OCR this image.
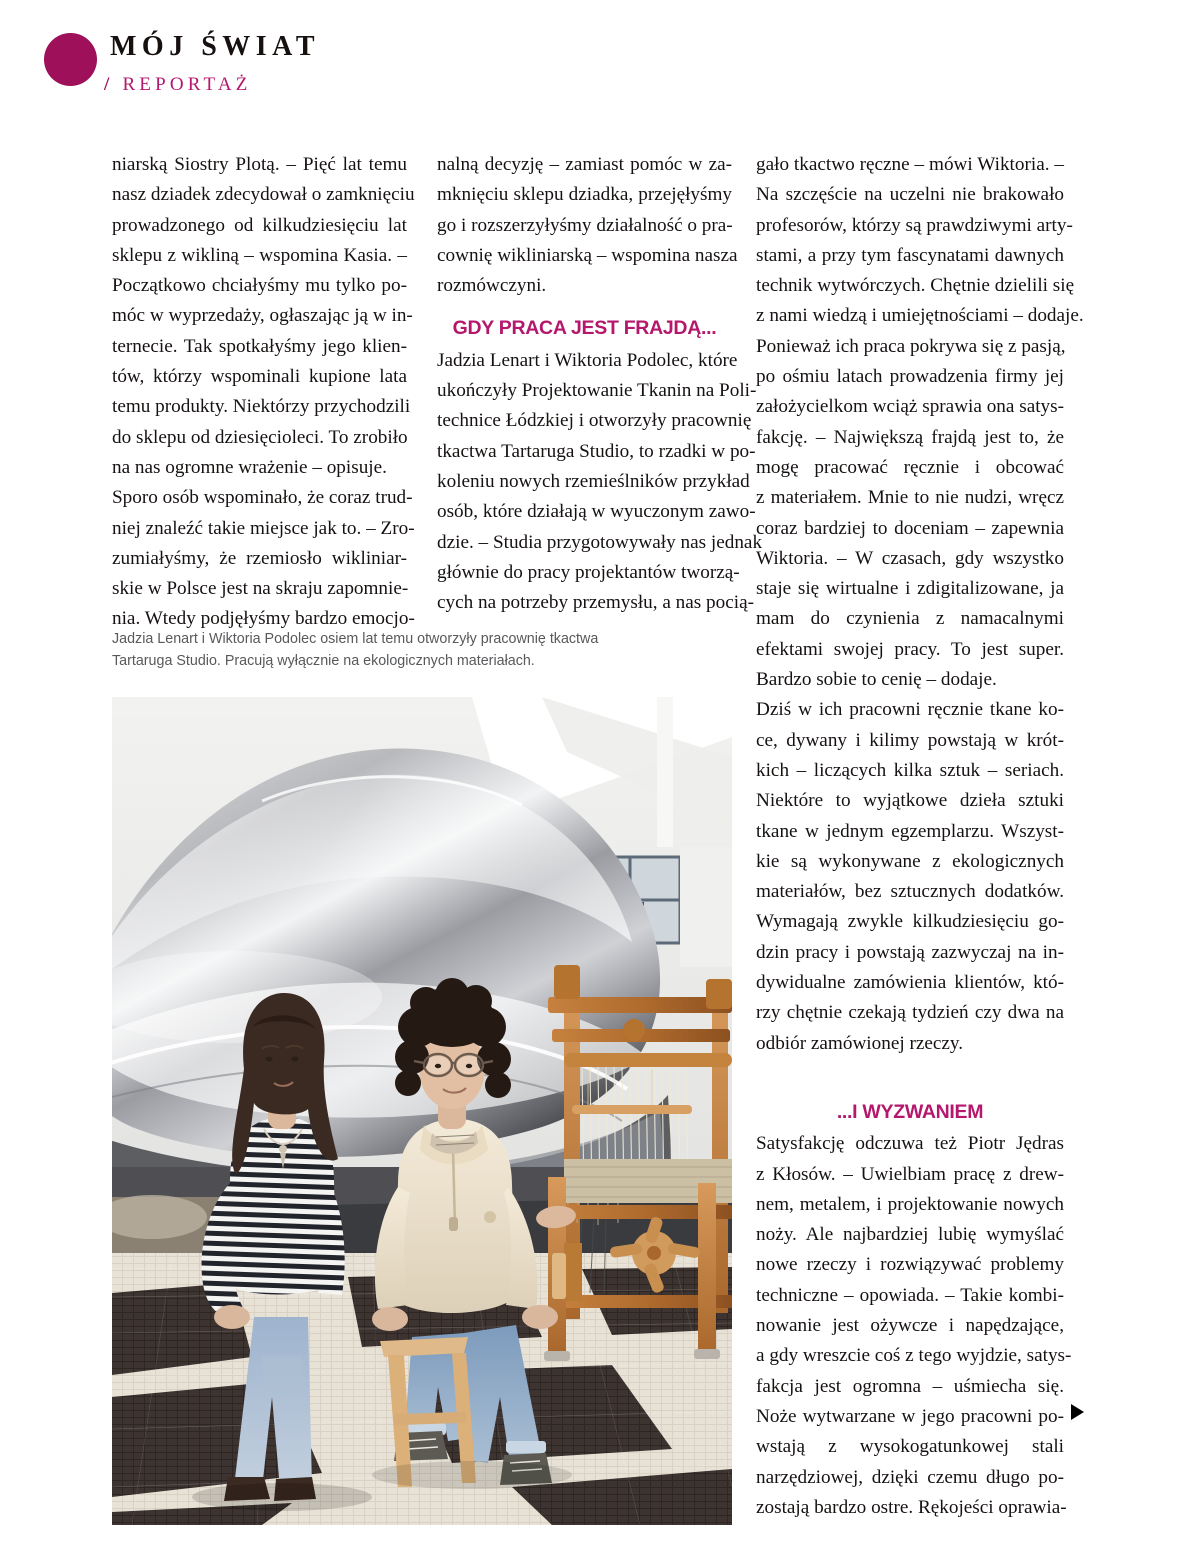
MÓJ ŚWIAT
/ REPORTAŻ

niarską Siostry Plotą. – Pięć lat temu
nasz dziadek zdecydował o zamknięciu
prowadzonego od kilkudziesięciu lat
sklepu z wikliną – wspomina Kasia. –
Początkowo chciałyśmy mu tylko po-
móc w wyprzedaży, ogłaszając ją w in-
ternecie. Tak spotkałyśmy jego klien-
tów, którzy wspominali kupione lata
temu produkty. Niektórzy przychodzili
do sklepu od dziesięcioleci. To zrobiło
na nas ogromne wrażenie – opisuje.
Sporo osób wspominało, że coraz trud-
niej znaleźć takie miejsce jak to. – Zro-
zumiałyśmy, że rzemiosło wikliniar-
skie w Polsce jest na skraju zapomnie-
nia. Wtedy podjęłyśmy bardzo emocjo-

nalną decyzję – zamiast pomóc w za-
mknięciu sklepu dziadka, przejęłyśmy
go i rozszerzyłyśmy działalność o pra-
cownię wikliniarską – wspomina nasza
rozmówczyni.

GDY PRACA JEST FRAJDĄ...

Jadzia Lenart i Wiktoria Podolec, które
ukończyły Projektowanie Tkanin na Poli-
technice Łódzkiej i otworzyły pracownię
tkactwa Tartaruga Studio, to rzadki w po-
koleniu nowych rzemieślników przykład
osób, które działają w wyuczonym zawo-
dzie. – Studia przygotowywały nas jednak
głównie do pracy projektantów tworzą-
cych na potrzeby przemysłu, a nas pocią-

gało tkactwo ręczne – mówi Wiktoria. –
Na szczęście na uczelni nie brakowało
profesorów, którzy są prawdziwymi arty-
stami, a przy tym fascynatami dawnych
technik wytwórczych. Chętnie dzielili się
z nami wiedzą i umiejętnościami – dodaje.
Ponieważ ich praca pokrywa się z pasją,
po ośmiu latach prowadzenia firmy jej
założycielkom wciąż sprawia ona satys-
fakcję. – Największą frajdą jest to, że
mogę pracować ręcznie i obcować
z materiałem. Mnie to nie nudzi, wręcz
coraz bardziej to doceniam – zapewnia
Wiktoria. – W czasach, gdy wszystko
staje się wirtualne i zdigitalizowane, ja
mam do czynienia z namacalnymi
efektami swojej pracy. To jest super.
Bardzo sobie to cenię – dodaje.
Dziś w ich pracowni ręcznie tkane ko-
ce, dywany i kilimy powstają w krót-
kich – liczących kilka sztuk – seriach.
Niektóre to wyjątkowe dzieła sztuki
tkane w jednym egzemplarzu. Wszyst-
kie są wykonywane z ekologicznych
materiałów, bez sztucznych dodatków.
Wymagają zwykle kilkudziesięciu go-
dzin pracy i powstają zazwyczaj na in-
dywidualne zamówienia klientów, któ-
rzy chętnie czekają tydzień czy dwa na
odbiór zamówionej rzeczy.

...I WYZWANIEM

Satysfakcję odczuwa też Piotr Jędras
z Kłosów. – Uwielbiam pracę z drew-
nem, metalem, i projektowanie nowych
noży. Ale najbardziej lubię wymyślać
nowe rzeczy i rozwiązywać problemy
techniczne – opowiada. – Takie kombi-
nowanie jest ożywcze i napędzające,
a gdy wreszcie coś z tego wyjdzie, satys-
fakcja jest ogromna – uśmiecha się.
Noże wytwarzane w jego pracowni po-
wstają z wysokogatunkowej stali
narzędziowej, dzięki czemu długo po-
zostają bardzo ostre. Rękojeści oprawia-

Jadzia Lenart i Wiktoria Podolec osiem lat temu otworzyły pracownię tkactwa
Tartaruga Studio. Pracują wyłącznie na ekologicznych materiałach.
